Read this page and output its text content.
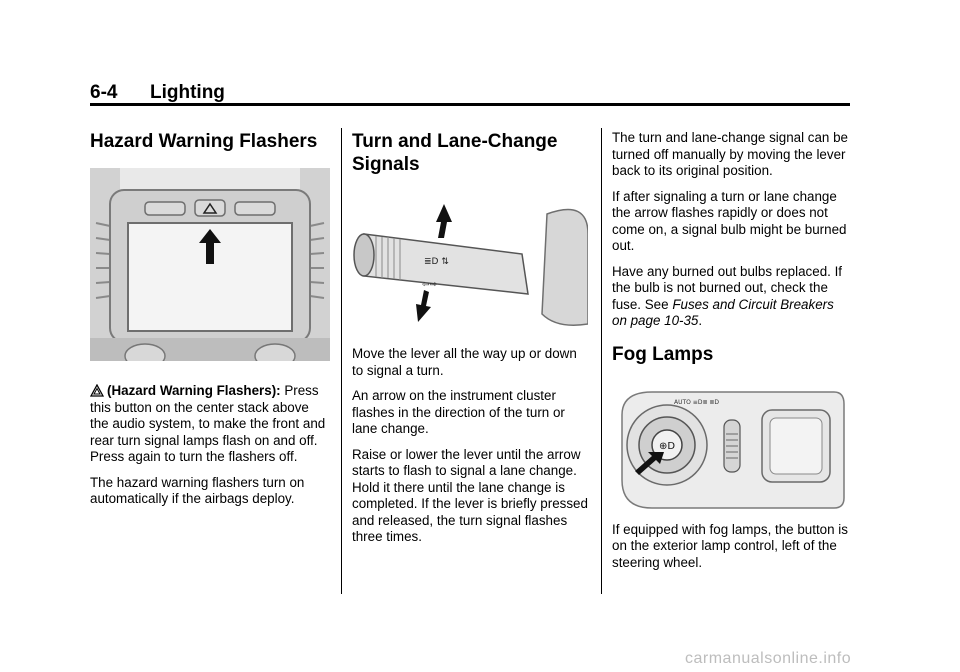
6-4 Lighting
Hazard Warning Flashers

(Hazard Warning Flashers): Press this button on the center stack above the audio system, to make the front and rear turn signal lamps flash on and off. Press again to turn the flashers off.

The hazard warning flashers turn on automatically if the airbags deploy.

Turn and Lane-Change
Signals
≣D ⇅
⇦⇨

Move the lever all the way up or down to signal a turn.

An arrow on the instrument cluster flashes in the direction of the turn or lane change.

Raise or lower the lever until the arrow starts to flash to signal a lane change. Hold it there until the lane change is completed. If the lever is briefly pressed and released, the turn signal flashes three times.

The turn and lane-change signal can be turned off manually by moving the lever back to its original position.

If after signaling a turn or lane change the arrow flashes rapidly or does not come on, a signal bulb might be burned out.

Have any burned out bulbs replaced. If the bulb is not burned out, check the fuse. See Fuses and Circuit Breakers on page 10-35.

Fog Lamps
⊕D
AUTO ≡D≣ ≣D

If equipped with fog lamps, the button is on the exterior lamp control, left of the steering wheel.

carmanualsonline.info
